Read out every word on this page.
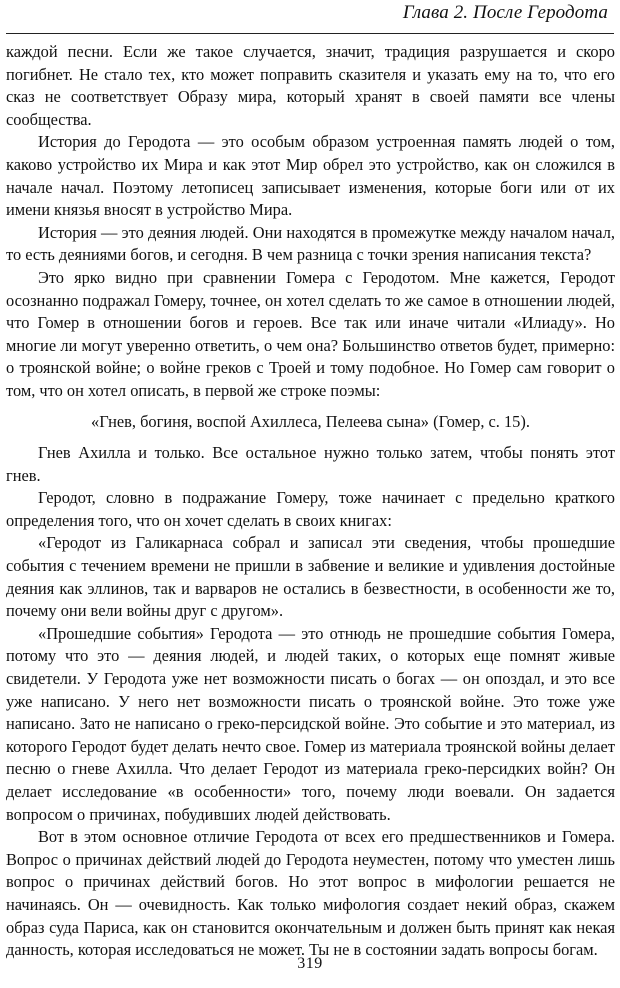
Глава 2. После Геродота

каждой песни. Если же такое случается, значит, традиция разрушается и скоро погибнет. Не стало тех, кто может поправить сказителя и указать ему на то, что его сказ не соответствует Образу мира, который хранят в своей памяти все члены сообщества.

История до Геродота — это особым образом устроенная память людей о том, каково устройство их Мира и как этот Мир обрел это устройство, как он сложился в начале начал. Поэтому летописец записывает изменения, которые боги или от их имени князья вносят в устройство Мира.

История — это деяния людей. Они находятся в промежутке между началом начал, то есть деяниями богов, и сегодня. В чем разница с точки зрения написания текста?

Это ярко видно при сравнении Гомера с Геродотом. Мне кажется, Геродот осознанно подражал Гомеру, точнее, он хотел сделать то же самое в отношении людей, что Гомер в отношении богов и героев. Все так или иначе читали «Илиаду». Но многие ли могут уверенно ответить, о чем она? Большинство ответов будет, примерно: о троянской войне; о войне греков с Троей и тому подобное. Но Гомер сам говорит о том, что он хотел описать, в первой же строке поэмы:

«Гнев, богиня, воспой Ахиллеса, Пелеева сына» (Гомер, с. 15).

Гнев Ахилла и только. Все остальное нужно только затем, чтобы понять этот гнев.

Геродот, словно в подражание Гомеру, тоже начинает с предельно краткого определения того, что он хочет сделать в своих книгах:

«Геродот из Галикарнаса собрал и записал эти сведения, чтобы прошедшие события с течением времени не пришли в забвение и великие и удивления достойные деяния как эллинов, так и варваров не остались в безвестности, в особенности же то, почему они вели войны друг с другом».

«Прошедшие события» Геродота — это отнюдь не прошедшие события Гомера, потому что это — деяния людей, и людей таких, о которых еще помнят живые свидетели. У Геродота уже нет возможности писать о богах — он опоздал, и это все уже написано. У него нет возможности писать о троянской войне. Это тоже уже написано. Зато не написано о греко-персидской войне. Это событие и это материал, из которого Геродот будет делать нечто свое. Гомер из материала троянской войны делает песню о гневе Ахилла. Что делает Геродот из материала греко-персидких войн? Он делает исследование «в особенности» того, почему люди воевали. Он задается вопросом о причинах, побудивших людей действовать.

Вот в этом основное отличие Геродота от всех его предшественников и Гомера. Вопрос о причинах действий людей до Геродота неуместен, потому что уместен лишь вопрос о причинах действий богов. Но этот вопрос в мифологии решается не начинаясь. Он — очевидность. Как только мифология создает некий образ, скажем образ суда Париса, как он становится окончательным и должен быть принят как некая данность, которая исследоваться не может. Ты не в состоянии задать вопросы богам.

319
